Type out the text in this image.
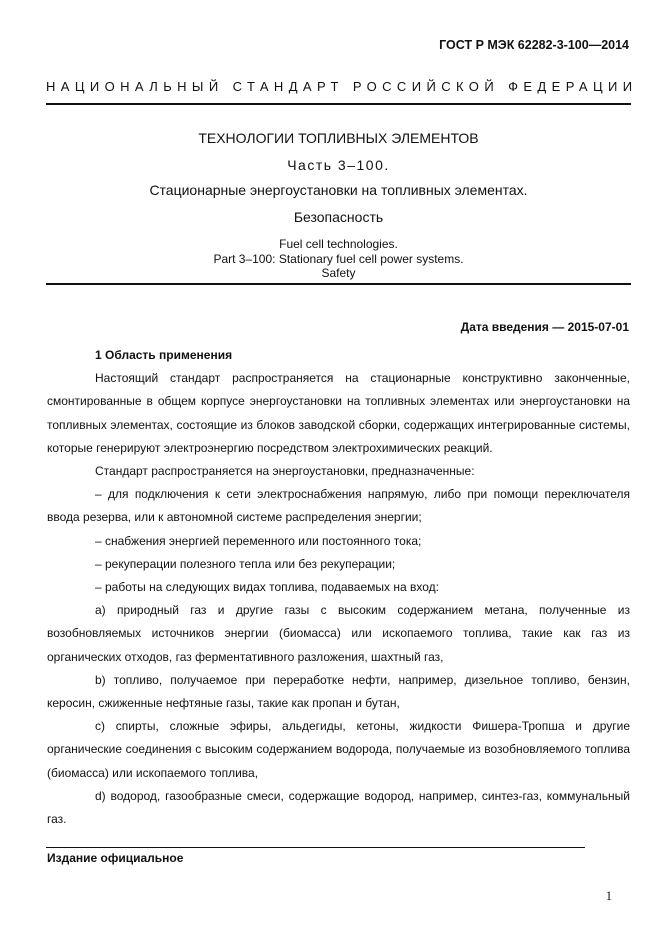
ГОСТ Р МЭК 62282-3-100—2014
НАЦИОНАЛЬНЫЙ СТАНДАРТ РОССИЙСКОЙ ФЕДЕРАЦИИ
ТЕХНОЛОГИИ ТОПЛИВНЫХ ЭЛЕМЕНТОВ
Часть 3–100.
Стационарные энергоустановки на топливных элементах.
Безопасность
Fuel cell technologies.
Part 3–100: Stationary fuel cell power systems.
Safety
Дата введения — 2015-07-01

1 Область применения

Настоящий стандарт распространяется на стационарные конструктивно законченные, смонтированные в общем корпусе энергоустановки на топливных элементах или энергоустановки на топливных элементах, состоящие из блоков заводской сборки, содержащих интегрированные системы, которые генерируют электроэнергию посредством электрохимических реакций.

Стандарт распространяется на энергоустановки, предназначенные:

– для подключения к сети электроснабжения напрямую, либо при помощи переключателя ввода резерва, или к автономной системе распределения энергии;

– снабжения энергией переменного или постоянного тока;

– рекуперации полезного тепла или без рекуперации;

– работы на следующих видах топлива, подаваемых на вход:

a) природный газ и другие газы с высоким содержанием метана, полученные из возобновляемых источников энергии (биомасса) или ископаемого топлива, такие как газ из органических отходов, газ ферментативного разложения, шахтный газ,

b) топливо, получаемое при переработке нефти, например, дизельное топливо, бензин, керосин, сжиженные нефтяные газы, такие как пропан и бутан,

c) спирты, сложные эфиры, альдегиды, кетоны, жидкости Фишера-Тропша и другие органические соединения с высоким содержанием водорода, получаемые из возобновляемого топлива (биомасса) или ископаемого топлива,

d) водород, газообразные смеси, содержащие водород, например, синтез-газ, коммунальный газ.

Издание официальное
1
